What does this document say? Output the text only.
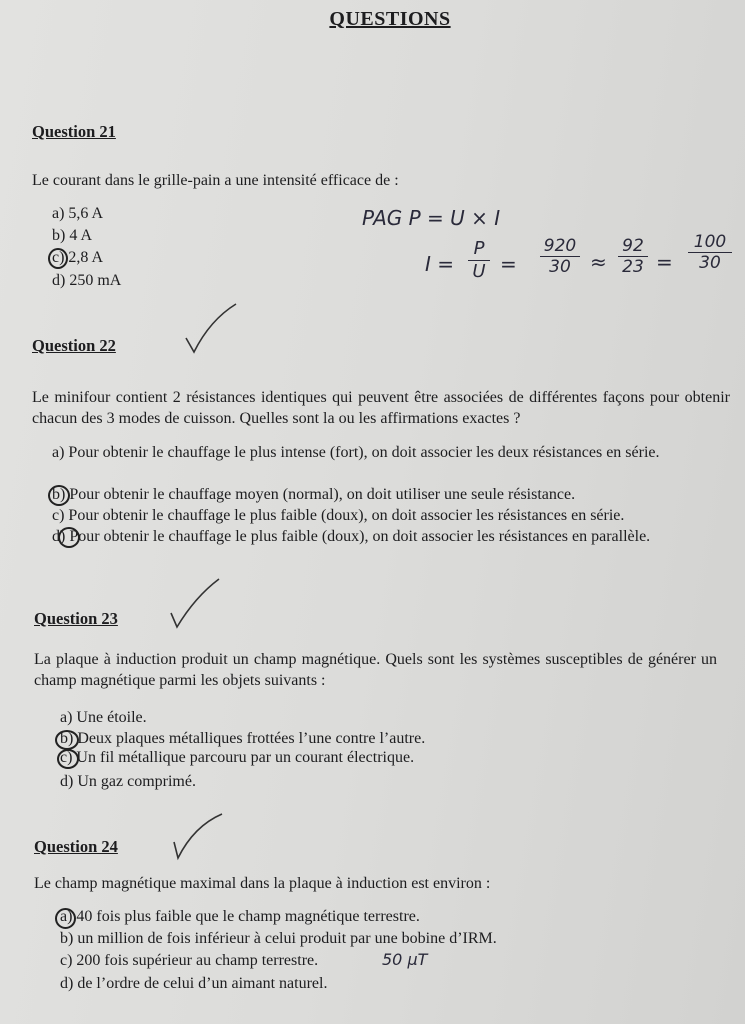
QUESTIONS
Question 21
Le courant dans le grille-pain a une intensité efficace de :
a) 5,6 A
b) 4 A
c) 2,8 A
d) 250 mA
PAG P = U × I
I =
P
U =
920
30 ≈
92
23 =
100
30
Question 22
Le minifour contient 2 résistances identiques qui peuvent être associées de différentes façons pour obtenir chacun des 3 modes de cuisson. Quelles sont la ou les affirmations exactes ?
a) Pour obtenir le chauffage le plus intense (fort), on doit associer les deux résistances en série.
b) Pour obtenir le chauffage moyen (normal), on doit utiliser une seule résistance.
c) Pour obtenir le chauffage le plus faible (doux), on doit associer les résistances en série.
d) Pour obtenir le chauffage le plus faible (doux), on doit associer les résistances en parallèle.
Question 23
La plaque à induction produit un champ magnétique. Quels sont les systèmes susceptibles de générer un champ magnétique parmi les objets suivants :
a) Une étoile.
b) Deux plaques métalliques frottées l’une contre l’autre.
c) Un fil métallique parcouru par un courant électrique.
d) Un gaz comprimé.
Question 24
Le champ magnétique maximal dans la plaque à induction est environ :
a) 40 fois plus faible que le champ magnétique terrestre.
b) un million de fois inférieur à celui produit par une bobine d’IRM.
c) 200 fois supérieur au champ terrestre.
d) de l’ordre de celui d’un aimant naturel.
50 µT
